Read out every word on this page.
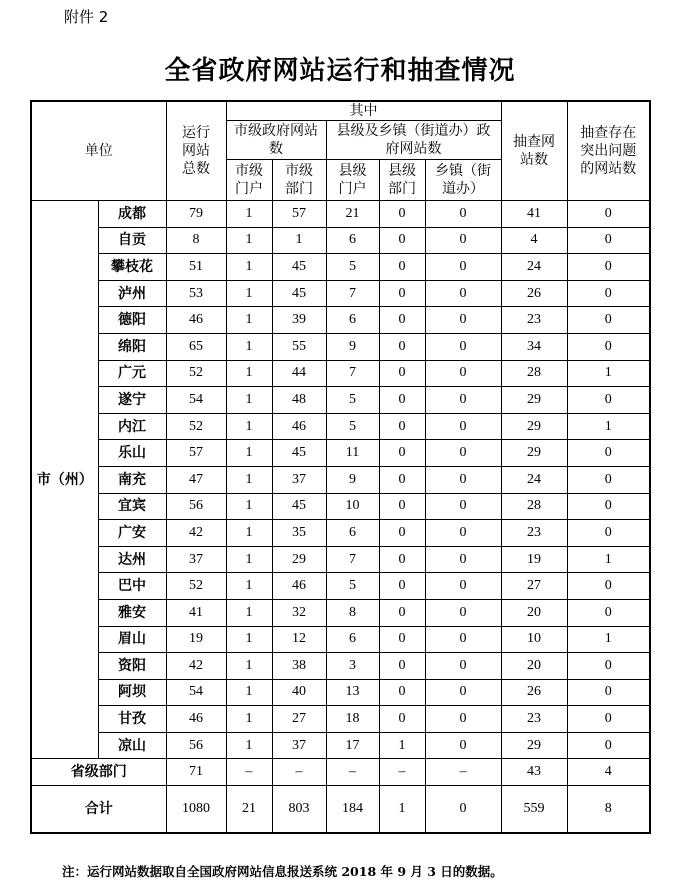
附件 2
全省政府网站运行和抽查情况
单位		运行网站总数	其中					抽查网站数	抽查存在突出问题的网站数

			市级政府网站数		县级及乡镇（街道办）政府网站数				

			市级门户	市级部门	县级门户	县级部门	乡镇（街道办）		

市（州）	成都	79	1	57	21	0	0	41	0
	自贡	8	1	1	6	0	0	4	0
	攀枝花	51	1	45	5	0	0	24	0
	泸州	53	1	45	7	0	0	26	0
	德阳	46	1	39	6	0	0	23	0
	绵阳	65	1	55	9	0	0	34	0
	广元	52	1	44	7	0	0	28	1
	遂宁	54	1	48	5	0	0	29	0
	内江	52	1	46	5	0	0	29	1
	乐山	57	1	45	11	0	0	29	0
	南充	47	1	37	9	0	0	24	0
	宜宾	56	1	45	10	0	0	28	0
	广安	42	1	35	6	0	0	23	0
	达州	37	1	29	7	0	0	19	1
	巴中	52	1	46	5	0	0	27	0
	雅安	41	1	32	8	0	0	20	0
	眉山	19	1	12	6	0	0	10	1
	资阳	42	1	38	3	0	0	20	0
	阿坝	54	1	40	13	0	0	26	0
	甘孜	46	1	27	18	0	0	23	0
	凉山	56	1	37	17	1	0	29	0
省级部门		71	–	–	–	–	–	43	4
合计		1080	21	803	184	1	0	559	8
注：运行网站数据取自全国政府网站信息报送系统 2018 年 9 月 3 日的数据。
